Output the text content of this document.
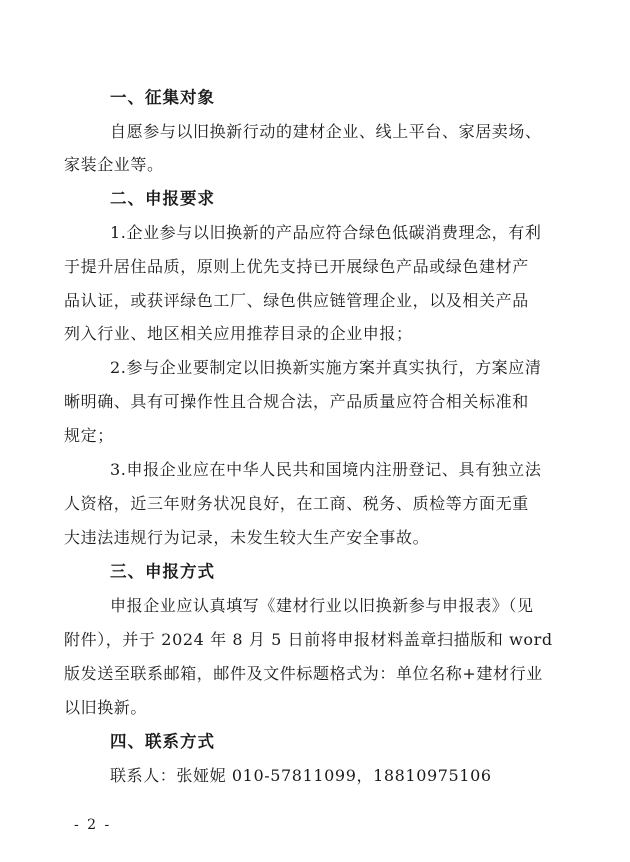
一、征集对象
自愿参与以旧换新行动的建材企业、线上平台、家居卖场、
家装企业等。
二、申报要求
1.企业参与以旧换新的产品应符合绿色低碳消费理念，有利
于提升居住品质，原则上优先支持已开展绿色产品或绿色建材产
品认证，或获评绿色工厂、绿色供应链管理企业，以及相关产品
列入行业、地区相关应用推荐目录的企业申报；
2.参与企业要制定以旧换新实施方案并真实执行，方案应清
晰明确、具有可操作性且合规合法，产品质量应符合相关标准和
规定；
3.申报企业应在中华人民共和国境内注册登记、具有独立法
人资格，近三年财务状况良好，在工商、税务、质检等方面无重
大违法违规行为记录，未发生较大生产安全事故。
三、申报方式
申报企业应认真填写《建材行业以旧换新参与申报表》（见
附件），并于 2024 年 8 月 5 日前将申报材料盖章扫描版和 word
版发送至联系邮箱，邮件及文件标题格式为：单位名称+建材行业
以旧换新。
四、联系方式
联系人：张娅妮 010-57811099，18810975106
- 2 -
